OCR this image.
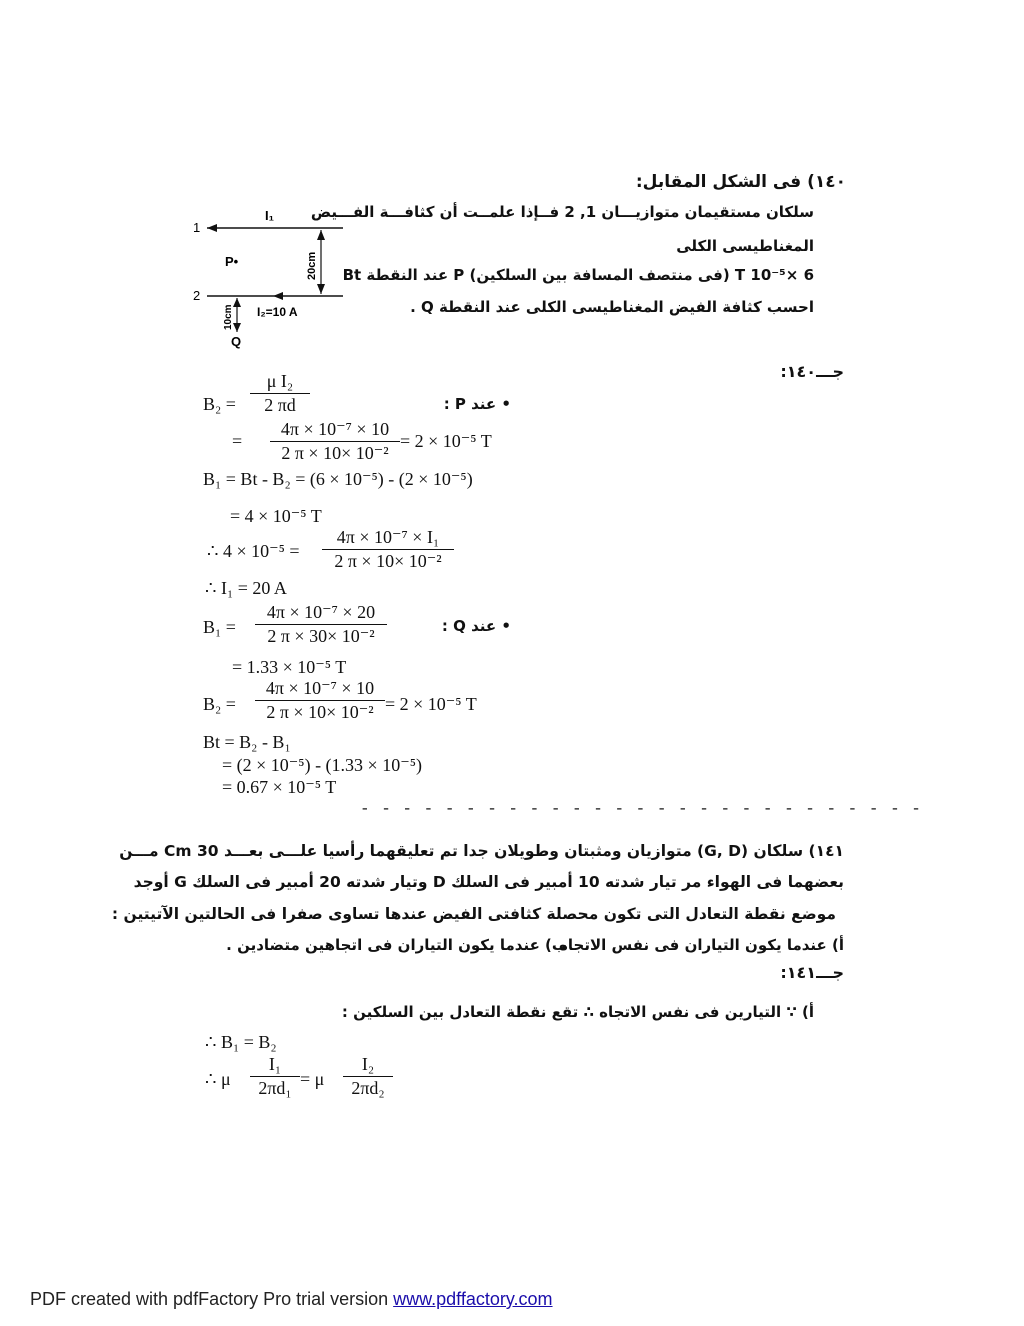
١٤٠) فى الشكل المقابل:
سلكان مستقيمان متوازيـــان 1, 2 فــإذا علمــت أن كثافـــة الفـــيض
المغناطيسى الكلى
6 ×10⁻⁵ T (فى منتصف المسافة بين السلكين) P عند النقطة Bt
احسب كثافة الفيض المغناطيسى الكلى عند النقطة Q .
1
I₁
2
I₂=10 A
P•	20cm
10cm
Q
جـــ١٤٠:
• عند P :
$B_2 = \frac{\text{μ I₂}}{2 \pi d}$
= $\frac{\text{4π × 10⁻⁷ × 10}}{\text{2 π × 10× 10⁻²}} = 2 \times 10^{-5}$ T
B₁ = Bt - B₂ = (6 × 10⁻⁵) - (2 × 10⁻⁵)
= 4 × 10⁻⁵ T
∴ $4 \times 10^{-5} = \frac{\text{4π × 10⁻⁷ × I₁}}{\text{2 π × 10× 10⁻²}}$
∴ I₁ = 20 A
• عند Q :
$B_1 = \frac{\text{4π × 10⁻⁷ × 20}}{\text{2 π × 30× 10⁻²}}$
= 1.33 × 10⁻⁵ T
$B_2 = \frac{\text{4π × 10⁻⁷ × 10}}{\text{2 π × 10× 10⁻²}} = 2 \times 10^{-5}$ T
Bt = B₂ - B₁
= (2 × 10⁻⁵) - (1.33 × 10⁻⁵)
= 0.67 × 10⁻⁵ T
- - - - - - - - - - - - - - - - - - - - - - - - - - -
١٤١) سلكان (G, D) متوازيان ومثبتان وطويلان جدا تم تعليقهما رأسيا علـــى بعـــد 30 Cm مـــن
بعضهما فى الهواء مر تيار شدته 10 أمبير فى السلك D وتيار شدته 20 أمبير فى السلك G أوجد
موضع نقطة التعادل التى تكون محصلة كثافتى الفيض عندها تساوى صفرا فى الحالتين الآتيتين :
أ) عندما يكون التياران فى نفس الاتجاه
ب) عندما يكون التياران فى اتجاهين متضادين .
جـــ١٤١:
أ) ∵ التيارين فى نفس الاتجاه ∴ تقع نقطة التعادل بين السلكين :
∴ B₁ = B₂
∴ μ $\frac{\text{I₁}}{\text{2πd₁}} = \mu \frac{\text{I₂}}{\text{2πd₂}}$
PDF created with pdfFactory Pro trial version www.pdffactory.com
